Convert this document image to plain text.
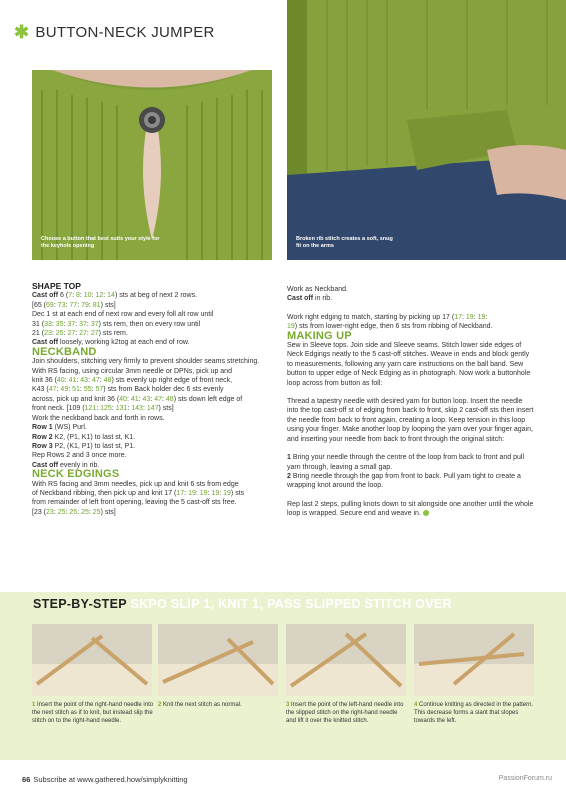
✱ BUTTON-NECK JUMPER
Choose a button that best suits your style for the keyhole opening
Broken rib stitch creates a soft, snug fit on the arms

SHAPE TOP

Cast off 6 (7: 8: 10: 12: 14) sts at beg of next 2 rows.

[65 (69: 73: 77: 79: 81) sts]

Dec 1 st at each end of next row and every foll alt row until

31 (33: 35: 37: 37: 37) sts rem, then on every row until

21 (23: 25: 27: 27: 27) sts rem.

Cast off loosely, working k2tog at each end of row.

NECKBAND

Join shoulders, stitching very firmly to prevent shoulder seams stretching.

With RS facing, using circular 3mm needle or DPNs, pick up and

knit 36 (40: 41: 43: 47: 48) sts evenly up right edge of front neck,

K43 (47: 49: 51: 55: 57) sts from Back holder dec 6 sts evenly

across, pick up and knit 36 (40: 41: 43: 47: 48) sts down left edge of

front neck. [109 (121: 125: 131: 143: 147) sts]

Work the neckband back and forth in rows.

Row 1 (WS) Purl.

Row 2 K2, (P1, K1) to last st, K1.

Row 3 P2, (K1, P1) to last st, P1.

Rep Rows 2 and 3 once more.

Cast off evenly in rib.

NECK EDGINGS

With RS facing and 3mm needles, pick up and knit 6 sts from edge

of Neckband ribbing, then pick up and knit 17 (17: 19: 19: 19: 19) sts

from remainder of left front opening, leaving the 5 cast-off sts free.

[23 (23: 25: 25: 25: 25) sts]

Work as Neckband.

Cast off in rib.

Work right edging to match, starting by picking up 17 (17: 19: 19:

19) sts from lower-right edge, then 6 sts from ribbing of Neckband.

MAKING UP

Sew in Sleeve tops. Join side and Sleeve seams. Stitch lower side edges of Neck Edgings neatly to the 5 cast-off stitches. Weave in ends and block gently to measurements, following any yarn care instructions on the ball band. Sew button to upper edge of Neck Edging as in photograph. Now work a buttonhole loop across from button as foll:

Thread a tapestry needle with desired yarn for button loop. Insert the needle into the top cast-off st of edging from back to front, skip 2 cast-off sts then insert the needle from back to front again, creating a loop. Keep tension in this loop using your finger. Make another loop by looping the yarn over your finger again, and inserting your needle from back to front through the original stitch:

1 Bring your needle through the centre of the loop from back to front and pull yarn through, leaving a small gap.

2 Bring needle through the gap from front to back. Pull yarn tight to create a wrapping knot around the loop.

Rep last 2 steps, pulling knots down to sit alongside one another until the whole loop is wrapped. Secure end and weave in.

STEP-BY-STEP SKPO SLIP 1, KNIT 1, PASS SLIPPED STITCH OVER
1 Insert the point of the right-hand needle into the next stitch as if to knit, but instead slip the stitch on to the right-hand needle.
2 Knit the next stitch as normal.	3 Insert the point of the left-hand needle into the slipped stitch on the right-hand needle and lift it over the knitted stitch.
4 Continue knitting as directed in the pattern. This decrease forms a slant that slopes towards the left.
66 Subscribe at www.gathered.how/simplyknitting	PassionForum.ru
